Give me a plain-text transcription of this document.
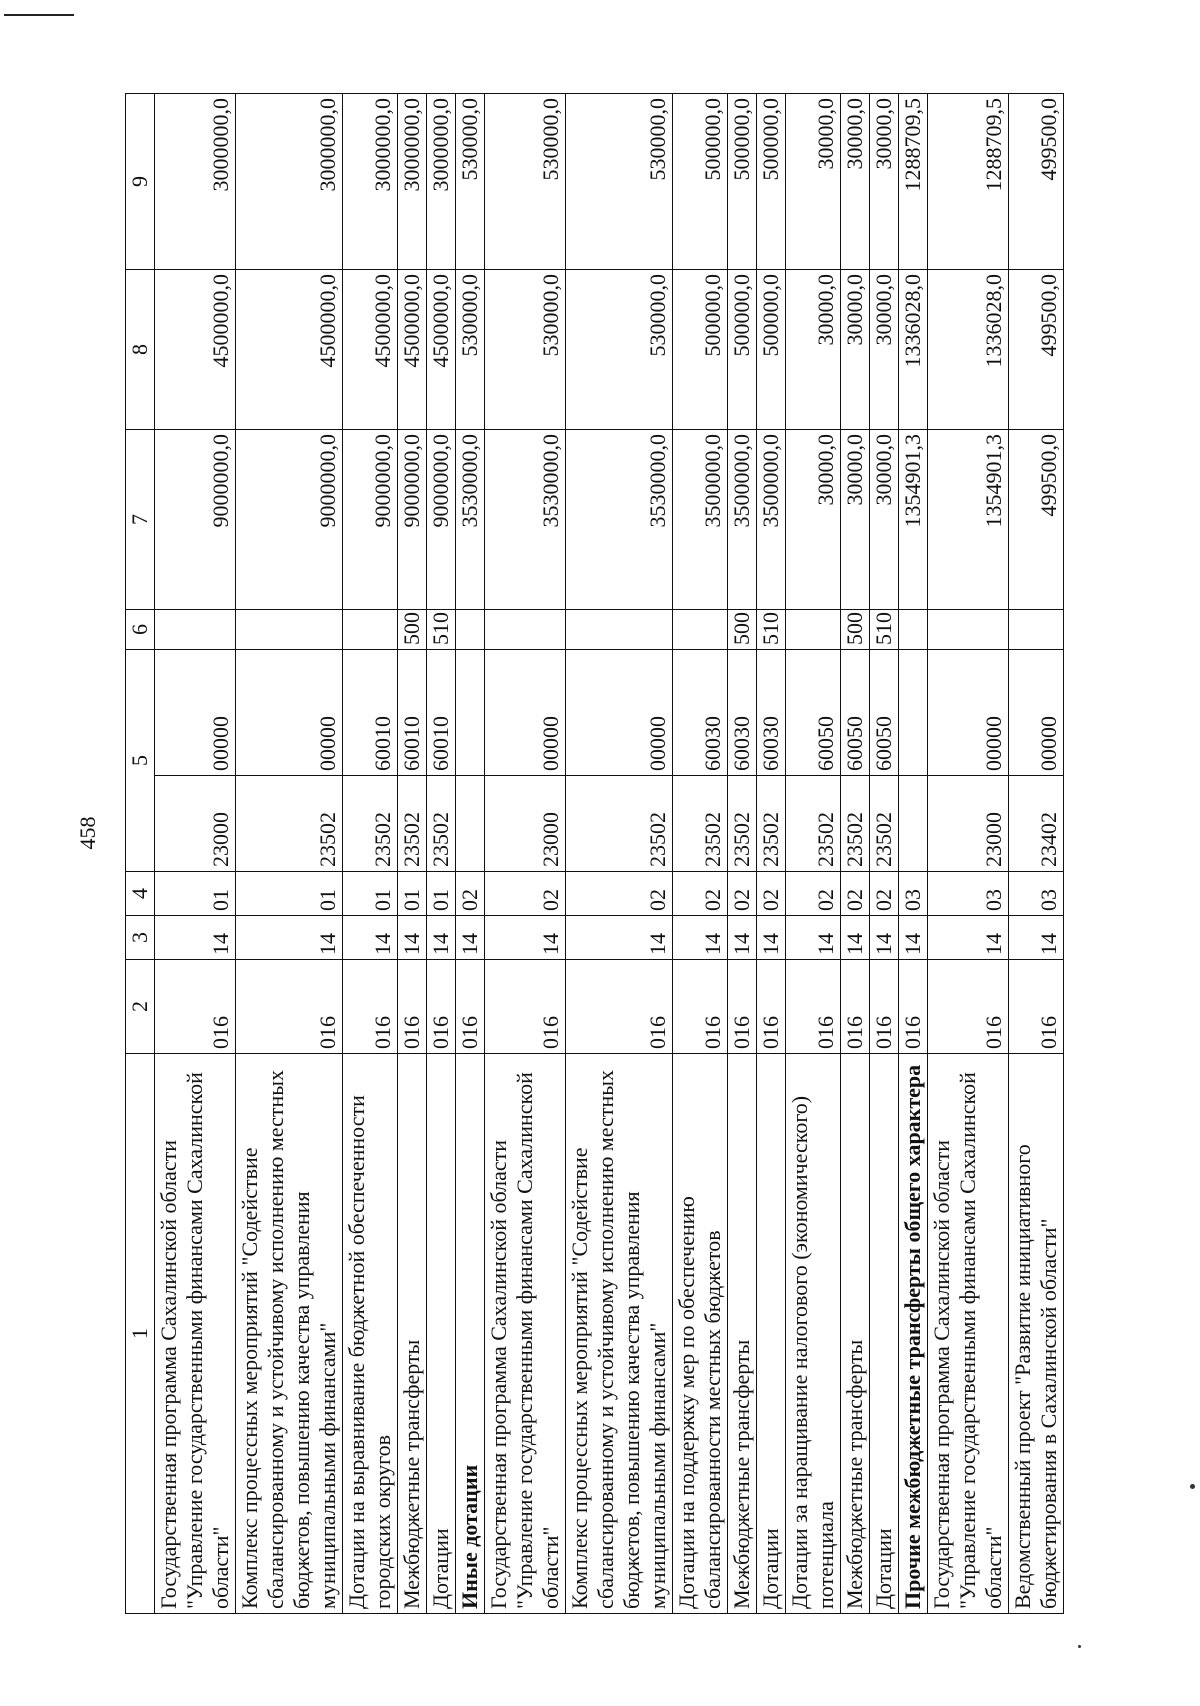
458
1	2	3	4	5		6	7	8	9
Государственная программа Сахалинской области "Управление государственными финансами Сахалинской области"	016	14	01	23000	00000		9000000,0	4500000,0	3000000,0
Комплекс процессных мероприятий "Содействие сбалансированному и устойчивому исполнению местных бюджетов, повышению качества управления муниципальными финансами"	016	14	01	23502	00000		9000000,0	4500000,0	3000000,0
Дотации на выравнивание бюджетной обеспеченности городских округов	016	14	01	23502	60010		9000000,0	4500000,0	3000000,0
Межбюджетные трансферты	016	14	01	23502	60010	500	9000000,0	4500000,0	3000000,0
Дотации	016	14	01	23502	60010	510	9000000,0	4500000,0	3000000,0
Иные дотации	016	14	02				3530000,0	530000,0	530000,0
Государственная программа Сахалинской области "Управление государственными финансами Сахалинской области"	016	14	02	23000	00000		3530000,0	530000,0	530000,0
Комплекс процессных мероприятий "Содействие сбалансированному и устойчивому исполнению местных бюджетов, повышению качества управления муниципальными финансами"	016	14	02	23502	00000		3530000,0	530000,0	530000,0
Дотации на поддержку мер по обеспечению сбалансированности местных бюджетов	016	14	02	23502	60030		3500000,0	500000,0	500000,0
Межбюджетные трансферты	016	14	02	23502	60030	500	3500000,0	500000,0	500000,0
Дотации	016	14	02	23502	60030	510	3500000,0	500000,0	500000,0
Дотации за наращивание налогового (экономического) потенциала	016	14	02	23502	60050		30000,0	30000,0	30000,0
Межбюджетные трансферты	016	14	02	23502	60050	500	30000,0	30000,0	30000,0
Дотации	016	14	02	23502	60050	510	30000,0	30000,0	30000,0
Прочие межбюджетные трансферты общего характера	016	14	03				1354901,3	1336028,0	1288709,5
Государственная программа Сахалинской области "Управление государственными финансами Сахалинской области"	016	14	03	23000	00000		1354901,3	1336028,0	1288709,5
Ведомственный проект "Развитие инициативного бюджетирования в Сахалинской области"	016	14	03	23402	00000		499500,0	499500,0	499500,0
